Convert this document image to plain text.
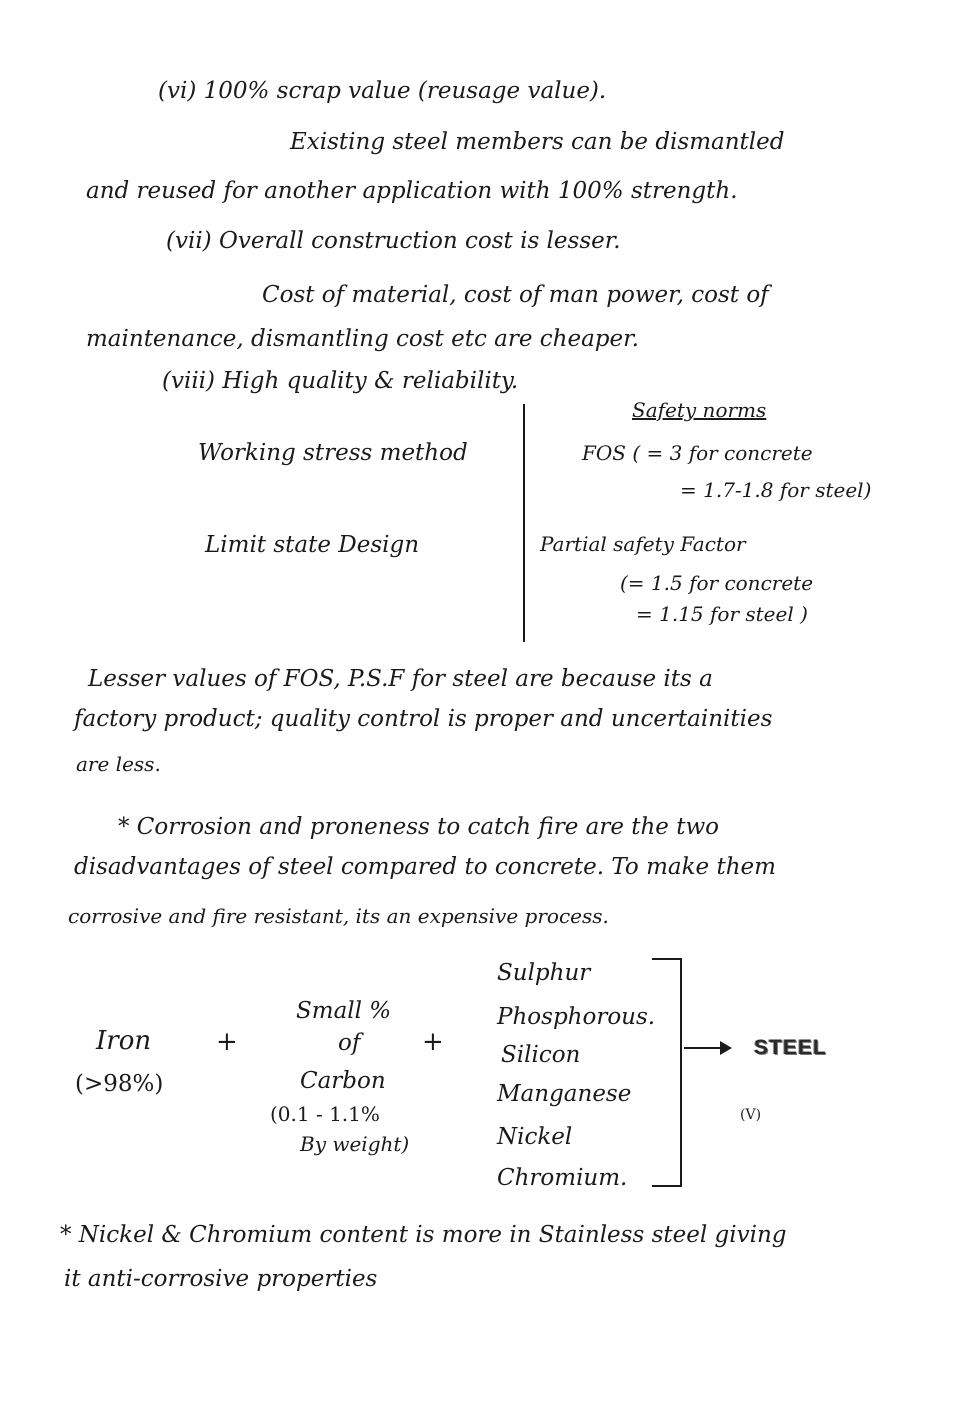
(vi) 100% scrap value (reusage value).
Existing steel members can be dismantled
and reused for another application with 100% strength.
(vii) Overall construction cost is lesser.
Cost of material, cost of man power, cost of
maintenance, dismantling cost etc are cheaper.
(viii) High quality & reliability.
Safety norms
Working stress method	FOS ( = 3 for concrete
= 1.7-1.8 for steel)
Limit state Design	Partial safety Factor
(= 1.5 for concrete
= 1.15 for steel )
Lesser values of FOS, P.S.F for steel are because its a
factory product; quality control is proper and uncertainities
are less.
* Corrosion and proneness to catch fire are the two
disadvantages of steel compared to concrete. To make them
corrosive and fire resistant, its an expensive process.
Iron
(>98%)
+
Small %
of
Carbon
(0.1 - 1.1%
By weight)
+
Sulphur
Phosphorous.
Silicon
Manganese
Nickel
Chromium.
STEEL
(V)
* Nickel & Chromium content is more in Stainless steel giving
it anti-corrosive properties
